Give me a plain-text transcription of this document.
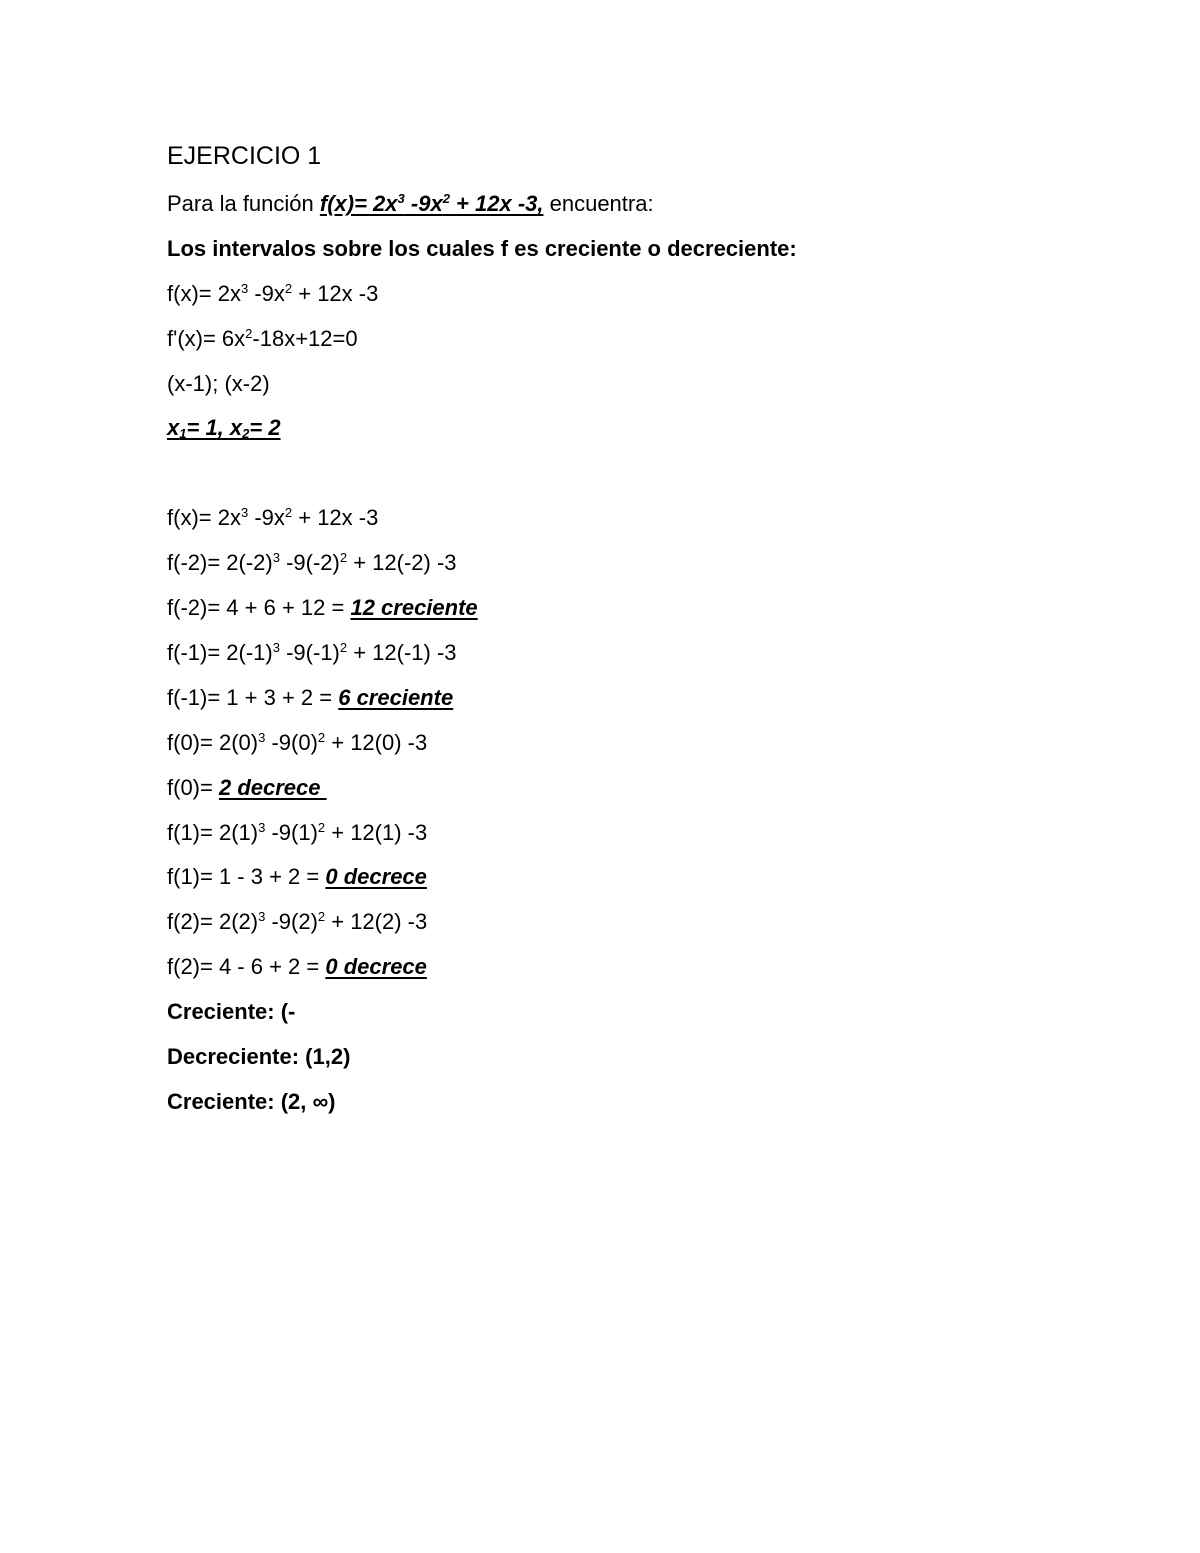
EJERCICIO 1
Para la función $f(x)= 2x^3$ $-9x^2 + 12x$ -3, encuentra:
Los intervalos sobre los cuales f es creciente o decreciente:
$f(x)= 2x^3$ $-9x^2 + 12x$ -3
$f'(x)= 6x^2-18x+12=0$
(x-1); (x-2)
$x_1= 1$, $x_2= 2$
$f(x)= 2x^3$ $-9x^2 + 12x$ -3
$f(-2)= 2(-2)^3$ $-9(-2)^2 + 12(-2)$ -3
f(-2)= 4 + 6 + 12 = 12 creciente
$f(-1)= 2(-1)^3$ $-9(-1)^2 + 12(-1)$ -3
f(-1)= 1 + 3 + 2 = 6 creciente
$f(0)= 2(0)^3$ $-9(0)^2 + 12(0)$ -3
f(0)= 2 decrece
$f(1)= 2(1)^3$ $-9(1)^2 + 12(1)$ -3
f(1)= 1 - 3 + 2 = 0 decrece
$f(2)= 2(2)^3$ $-9(2)^2 + 12(2)$ -3
f(2)= 4 - 6 + 2 = 0 decrece
Creciente: (-
Decreciente: (1,2)
Creciente: (2, ∞)
